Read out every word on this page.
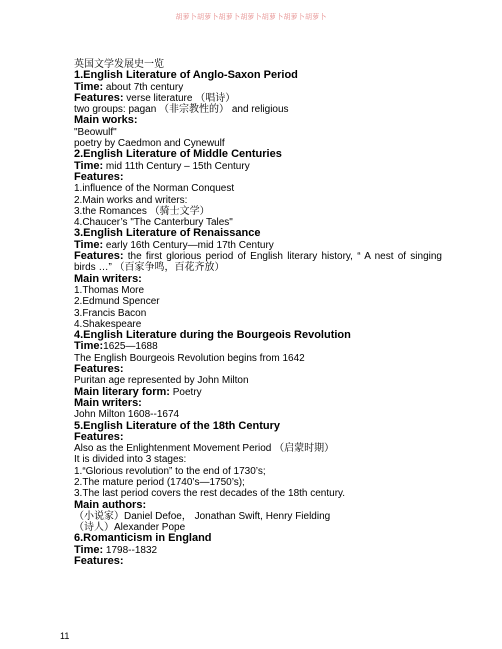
胡萝卜胡萝卜胡萝卜胡萝卜胡萝卜胡萝卜胡萝卜
英国文学发展史一览
1.English Literature of Anglo-Saxon Period
Time: about 7th century
Features: verse literature （唱诗）
two groups: pagan （非宗教性的） and religious
Main works:
"Beowulf"
poetry by Caedmon and Cynewulf
2.English Literature of Middle Centuries
Time: mid 11th Century – 15th Century
Features:
1.influence of the Norman Conquest
2.Main works and writers:
3.the Romances （骑士文学）
4.Chaucer’s "The Canterbury Tales"
3.English Literature of Renaissance
Time: early 16th Century—mid 17th Century
Features: the first glorious period of English literary history, “ A nest of singing birds …” （百家争鸣，百花齐放）
Main writers:
1.Thomas More
2.Edmund Spencer
3.Francis Bacon
4.Shakespeare
4.English Literature during the Bourgeois Revolution
Time:1625—1688
The English Bourgeois Revolution begins from 1642
Features:
Puritan age represented by John Milton
Main literary form: Poetry
Main writers:
John Milton 1608--1674
5.English Literature of the 18th Century
Features:
Also as the Enlightenment Movement Period （启蒙时期）
It is divided into 3 stages:
1.“Glorious revolution” to the end of 1730’s;
2.The mature period (1740’s—1750’s);
3.The last period covers the rest decades of the 18th century.
Main authors:
（小说家）Daniel Defoe， Jonathan Swift, Henry Fielding
（诗人）Alexander Pope
6.Romanticism in England
Time: 1798--1832
Features:
11
